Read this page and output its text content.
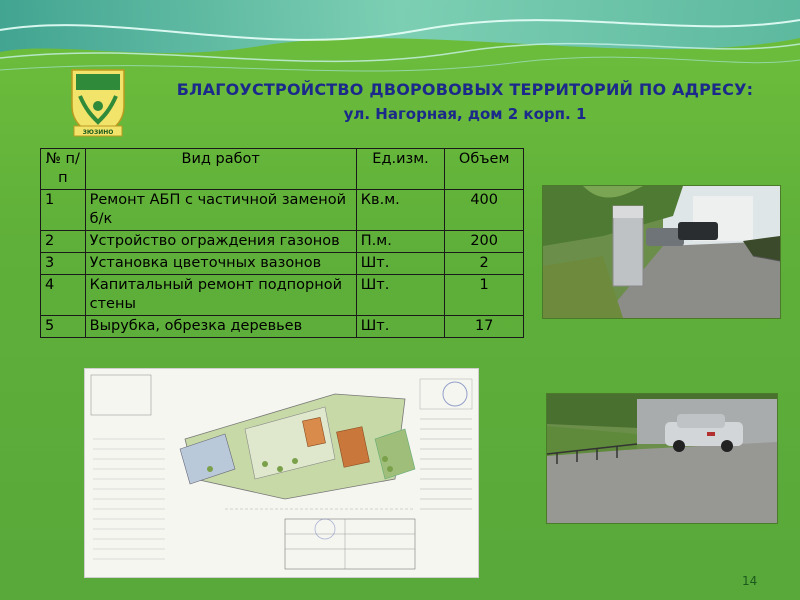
ЗЮЗИНО
БЛАГОУСТРОЙСТВО ДВОРОВОВЫХ ТЕРРИТОРИЙ ПО АДРЕСУ:
ул. Нагорная, дом 2 корп. 1
№ п/п	Вид работ	Ед.изм.	Объем
1	Ремонт АБП с частичной заменой б/к	Кв.м.	400
2	Устройство ограждения газонов	П.м.	200
3	Установка цветочных вазонов	Шт.	2
4	Капитальный ремонт подпорной стены	Шт.	1
5	Вырубка, обрезка деревьев	Шт.	17
14
